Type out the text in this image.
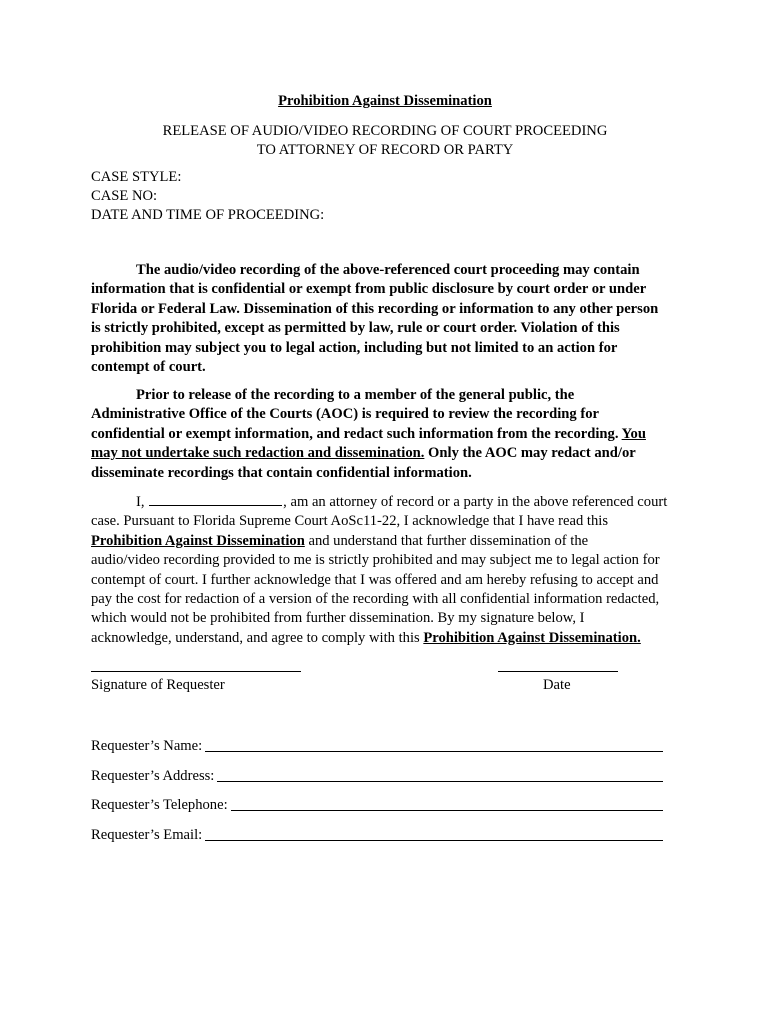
Prohibition Against Dissemination
RELEASE OF AUDIO/VIDEO RECORDING OF COURT PROCEEDING
TO ATTORNEY OF RECORD OR PARTY
CASE STYLE:
CASE NO:
DATE AND TIME OF PROCEEDING:
The audio/video recording of the above-referenced court proceeding may contain
information that is confidential or exempt from public disclosure by court order or under
Florida or Federal Law. Dissemination of this recording or information to any other person
is strictly prohibited, except as permitted by law, rule or court order. Violation of this
prohibition may subject you to legal action, including but not limited to an action for
contempt of court.
Prior to release of the recording to a member of the general public, the
Administrative Office of the Courts (AOC) is required to review the recording for
confidential or exempt information, and redact such information from the recording. You
may not undertake such redaction and dissemination. Only the AOC may redact and/or
disseminate recordings that contain confidential information.
I,	, am an attorney of record or a party in the above referenced court
case. Pursuant to Florida Supreme Court AoSc11-22, I acknowledge that I have read this
Prohibition Against Dissemination and understand that further dissemination of the
audio/video recording provided to me is strictly prohibited and may subject me to legal action for
contempt of court. I further acknowledge that I was offered and am hereby refusing to accept and
pay the cost for redaction of a version of the recording with all confidential information redacted,
which would not be prohibited from further dissemination. By my signature below, I
acknowledge, understand, and agree to comply with this Prohibition Against Dissemination.
Signature of Requester	Date
Requester’s Name:
Requester’s Address:
Requester’s Telephone:
Requester’s Email:
